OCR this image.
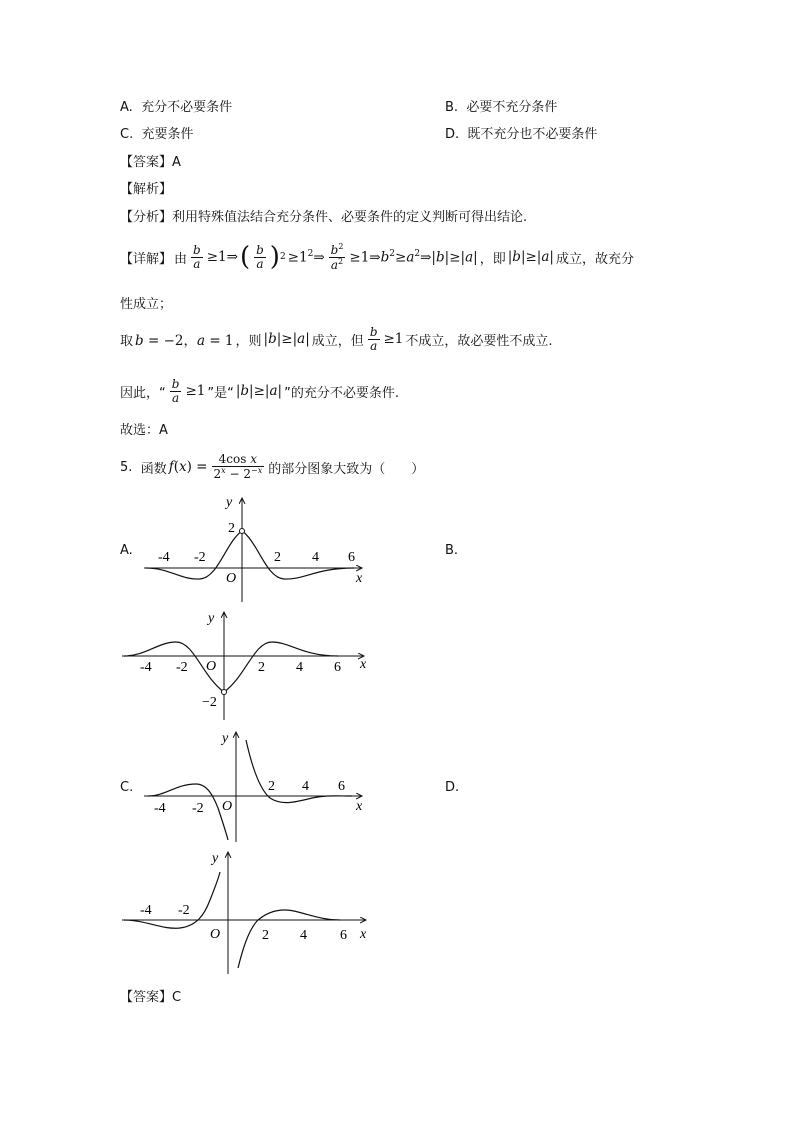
A. 充分不必要条件	B. 必要不充分条件
C. 充要条件	D. 既不充分也不必要条件
【答案】A
【解析】
【分析】利用特殊值法结合充分条件、必要条件的定义判断可得出结论.
【详解】 由 $\frac{b}{a}$ ≥1⇒ ( $\frac{b}{a}$ ) $2 \ge 1^2\Rightarrow \frac{b^2}{a^2}$ $\ge 1\Rightarrow b^2\ge a^2\Rightarrow|b|\ge|a|$ ，即 |b|≥|a| 成立，故充分
性成立；
取 b = −2，a = 1 ，则 |b|≥|a| 成立，但 $\frac{b}{a} \ge 1$ 不成立，故必要性不成立.
因此，“ $\frac{b}{a} \ge 1$ ”是“ |b|≥|a| ”的充分不必要条件.
故选：A
5.
函数 $f(x) = \frac{\text{4cos x}}{2^x - 2^{-x}}$ 的部分图象大致为（　　）
A.	B.
C.	D.
-4 -2	2 4 6
2
O	x
y
-4 -2	2 4 6
−2
O	x
y
-4 -2
2 4 6
O	x
y
-4 -2
2 4 6
O	x
y
【答案】C
